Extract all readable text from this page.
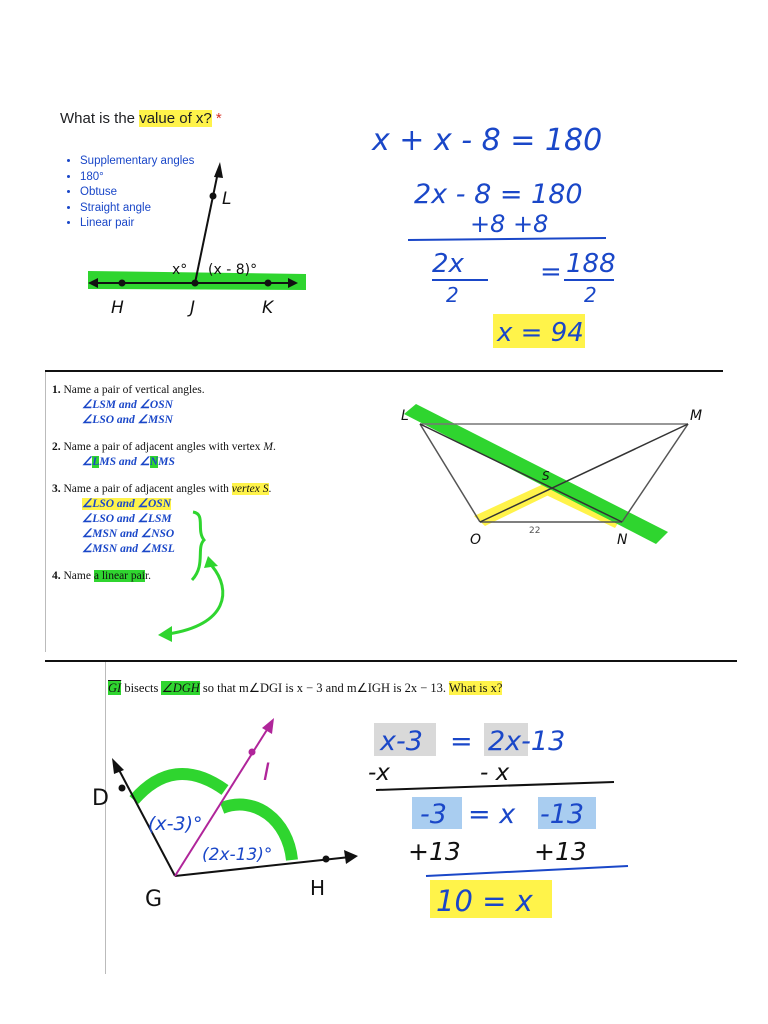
What is the value of x? *
• Supplementary angles
• 180°
• Obtuse
• Straight angle
• Linear pair
L
H	J	K
x° (x - 8)°
x + x - 8 = 180
2x - 8 = 180
+8 +8
2x
2
= 188
2
x = 94

1. Name a pair of vertical angles.

∠LSM and ∠OSN

∠LSO and ∠MSN

2. Name a pair of adjacent angles with vertex M.

∠LMS and ∠NMS

3. Name a pair of adjacent angles with vertex S.

∠LSO and ∠OSN

∠LSO and ∠LSM

∠MSN and ∠NSO

∠MSN and ∠MSL

4. Name a linear pair.

L	M
S
O	N
22
$\overline{GI}$ bisects ∠DGH so that m∠DGI is x − 3 and m∠IGH is 2x − 13. What is x?
I
D
G	H
(x-3)°
(2x-13)°
x-3 = 2x-13
-x	- x
-3 = x -13
+13	+13
10 = x
